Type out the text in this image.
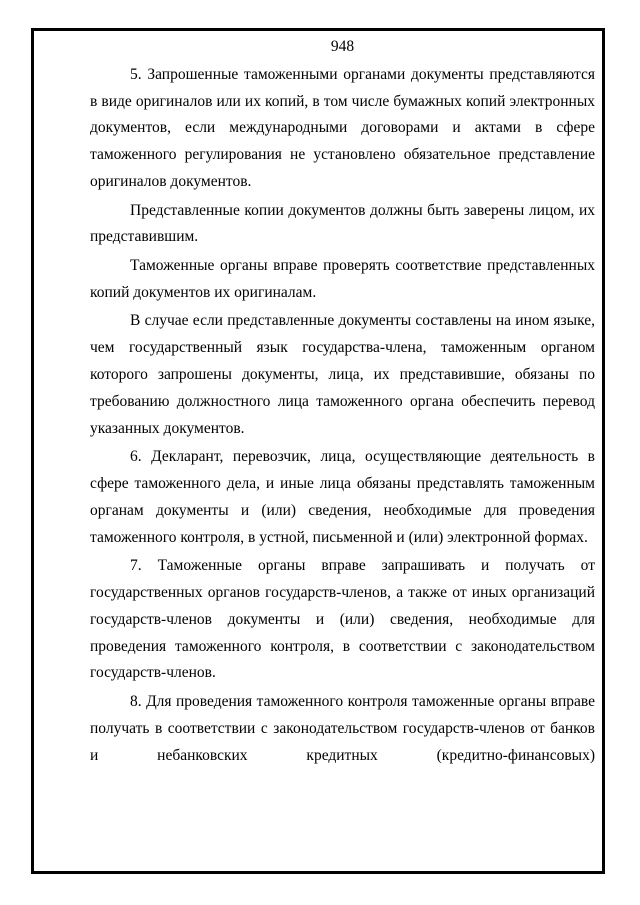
948

5. Запрошенные таможенными органами документы представляются в виде оригиналов или их копий, в том числе бумажных копий электронных документов, если международными договорами и актами в сфере таможенного регулирования не установлено обязательное представление оригиналов документов.

Представленные копии документов должны быть заверены лицом, их представившим.

Таможенные органы вправе проверять соответствие представленных копий документов их оригиналам.

В случае если представленные документы составлены на ином языке, чем государственный язык государства-члена, таможенным органом которого запрошены документы, лица, их представившие, обязаны по требованию должностного лица таможенного органа обеспечить перевод указанных документов.

6. Декларант, перевозчик, лица, осуществляющие деятельность в сфере таможенного дела, и иные лица обязаны представлять таможенным органам документы и (или) сведения, необходимые для проведения таможенного контроля, в устной, письменной и (или) электронной формах.

7. Таможенные органы вправе запрашивать и получать от государственных органов государств-членов, а также от иных организаций государств-членов документы и (или) сведения, необходимые для проведения таможенного контроля, в соответствии с законодательством государств-членов.

8. Для проведения таможенного контроля таможенные органы вправе получать в соответствии с законодательством государств-членов от банков и небанковских кредитных (кредитно-финансовых)
